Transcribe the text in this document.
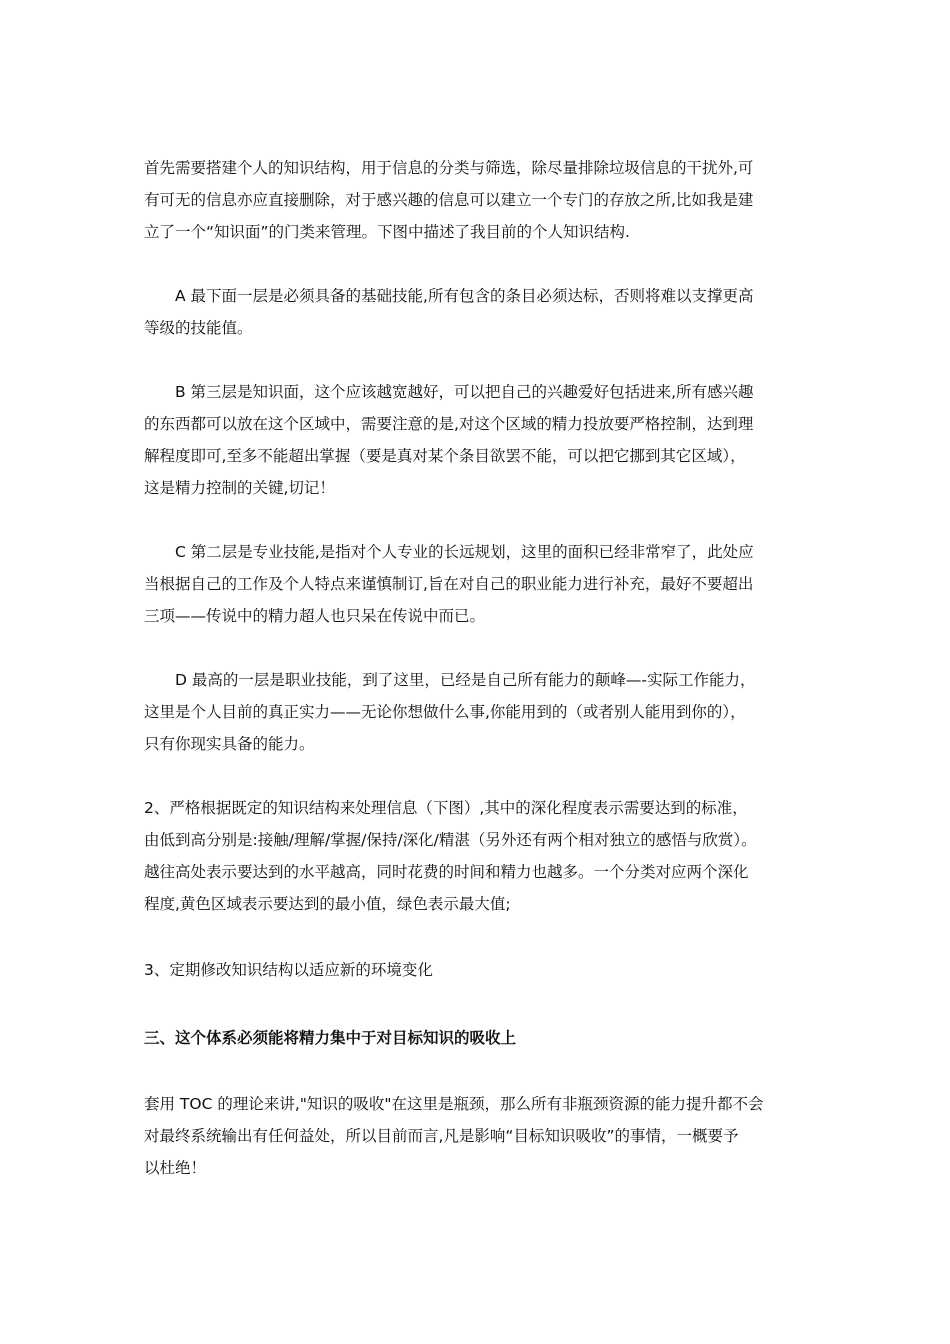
首先需要搭建个人的知识结构，用于信息的分类与筛选，除尽量排除垃圾信息的干扰外,可
有可无的信息亦应直接删除，对于感兴趣的信息可以建立一个专门的存放之所,比如我是建
立了一个“知识面”的门类来管理。下图中描述了我目前的个人知识结构.
A 最下面一层是必须具备的基础技能,所有包含的条目必须达标，否则将难以支撑更高
等级的技能值。
B 第三层是知识面，这个应该越宽越好，可以把自己的兴趣爱好包括进来,所有感兴趣
的东西都可以放在这个区域中，需要注意的是,对这个区域的精力投放要严格控制，达到理
解程度即可,至多不能超出掌握（要是真对某个条目欲罢不能，可以把它挪到其它区域），
这是精力控制的关键,切记！
C 第二层是专业技能,是指对个人专业的长远规划，这里的面积已经非常窄了，此处应
当根据自己的工作及个人特点来谨慎制订,旨在对自己的职业能力进行补充，最好不要超出
三项——传说中的精力超人也只呆在传说中而已。
D 最高的一层是职业技能，到了这里，已经是自己所有能力的颠峰—-实际工作能力，
这里是个人目前的真正实力——无论你想做什么事,你能用到的（或者别人能用到你的），
只有你现实具备的能力。
2、严格根据既定的知识结构来处理信息（下图）,其中的深化程度表示需要达到的标准，
由低到高分别是:接触/理解/掌握/保持/深化/精湛（另外还有两个相对独立的感悟与欣赏）。
越往高处表示要达到的水平越高，同时花费的时间和精力也越多。一个分类对应两个深化
程度,黄色区域表示要达到的最小值，绿色表示最大值;
3、定期修改知识结构以适应新的环境变化
三、这个体系必须能将精力集中于对目标知识的吸收上
套用 TOC 的理论来讲,"知识的吸收"在这里是瓶颈，那么所有非瓶颈资源的能力提升都不会
对最终系统输出有任何益处，所以目前而言,凡是影响“目标知识吸收”的事情，一概要予
以杜绝！
